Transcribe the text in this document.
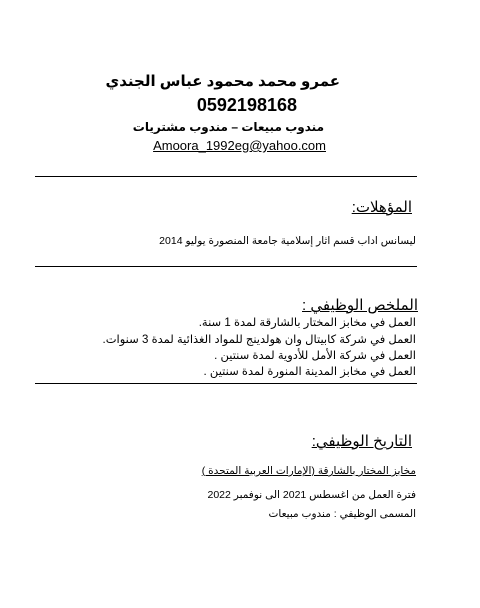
عمرو محمد محمود عباس الجندي
0592198168
مندوب مبيعات – مندوب مشتريات
Amoora_1992eg@yahoo.com
المؤهلات:
ليسانس اداب قسم اثار إسلامية جامعة المنصورة يوليو 2014
الملخص الوظيفي :
العمل في مخابز المختار بالشارقة لمدة 1 سنة.
العمل في شركة كابيتال وان هولدينج للمواد الغذائية لمدة 3 سنوات.
العمل في شركة الأمل للأدوية لمدة سنتين .
العمل في مخابز المدينة المنورة لمدة سنتين .
التاريخ الوظيفي:
مخابز المختار بالشارقة (الإمارات العربية المتحدة )
فترة العمل من اغسطس 2021 الى نوفمبر 2022
المسمى الوظيفي : مندوب مبيعات
